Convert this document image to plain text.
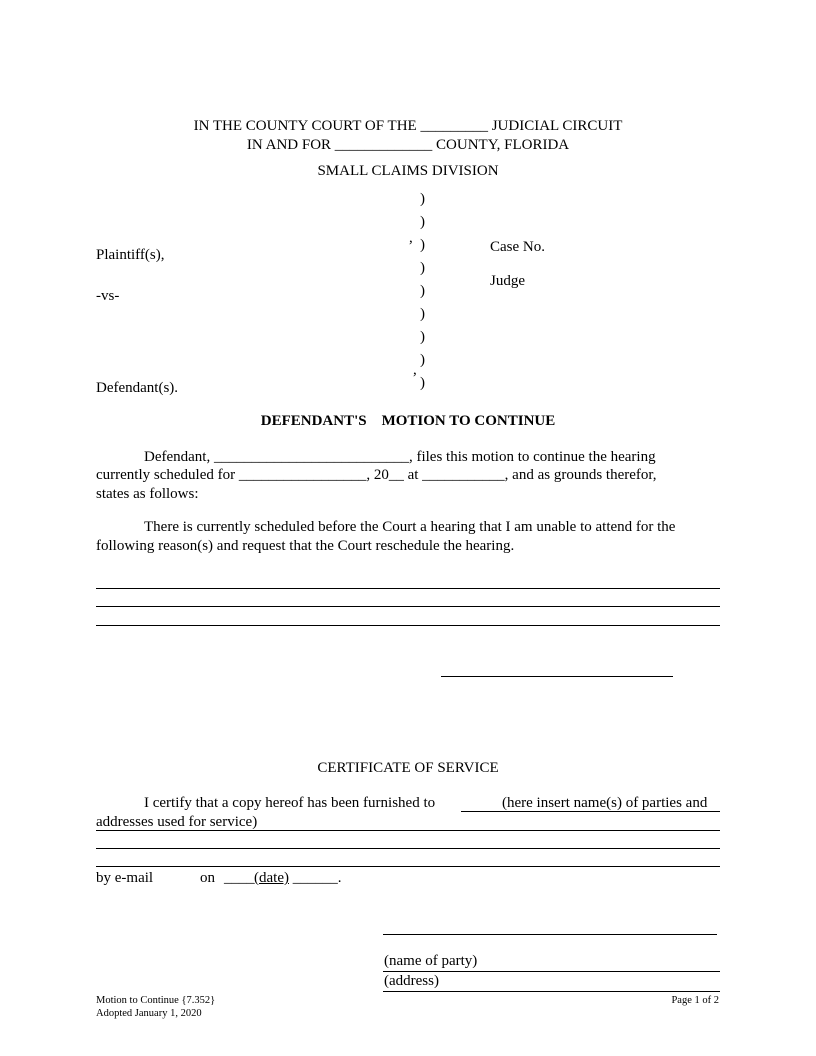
IN THE COUNTY COURT OF THE _________ JUDICIAL CIRCUIT
IN AND FOR _____________ COUNTY, FLORIDA
SMALL CLAIMS DIVISION
)
)
)
)
)
)
)
)
)
,
,
Plaintiff(s),
-vs-
Defendant(s).
Case No.
Judge
DEFENDANT'S    MOTION TO CONTINUE
Defendant, __________________________, files this motion to continue the hearing
currently scheduled for _________________, 20__ at ___________, and as grounds therefor,
states as follows:
There is currently scheduled before the Court a hearing that I am unable to attend for the
following reason(s) and request that the Court reschedule the hearing.
CERTIFICATE OF SERVICE
I certify that a copy hereof has been furnished to	(here insert name(s) of parties and
addresses used for service)
by e-mail	on ____(date) ______.
(name of party)
(address)
Motion to Continue {7.352}
Adopted January 1, 2020
Page 1 of 2
